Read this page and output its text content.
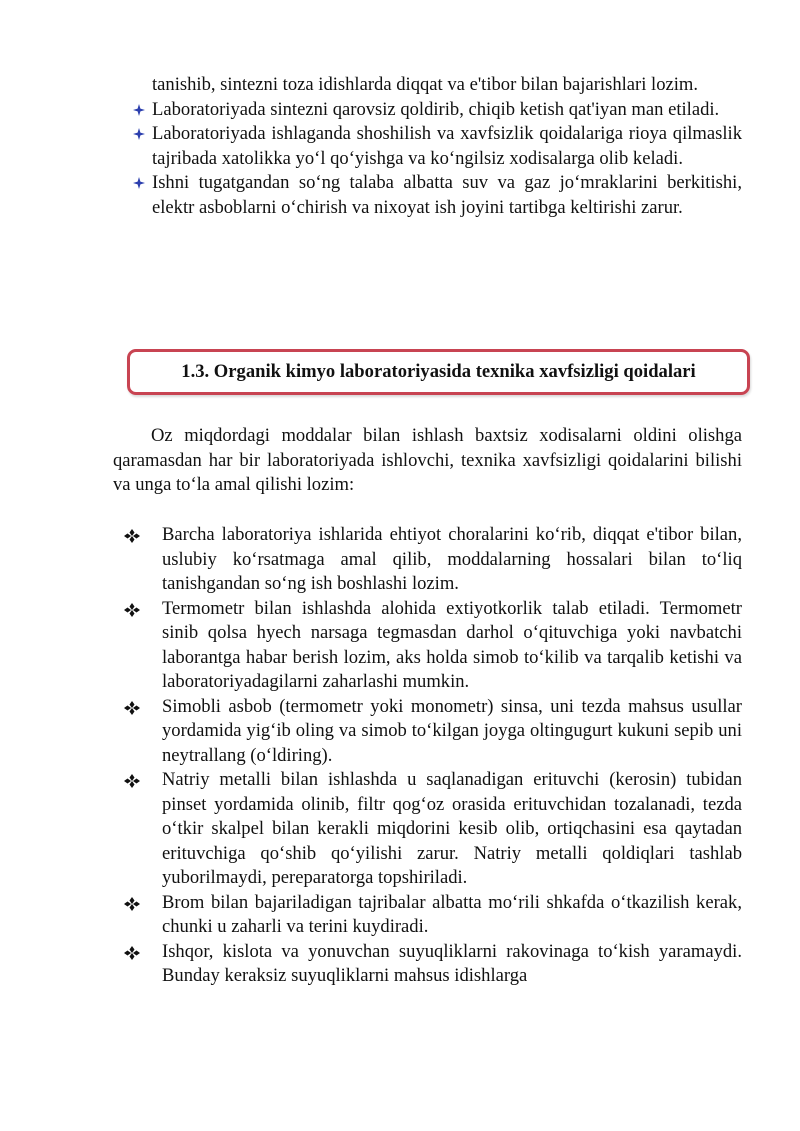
tanishib, sintezni toza idishlarda diqqat va e'tibor bilan bajarishlari lozim.
Laboratoriyada sintezni qarovsiz qoldirib, chiqib ketish qat'iyan man etiladi.
Laboratoriyada ishlaganda shoshilish va xavfsizlik qoidalariga rioya qilmaslik tajribada xatolikka yo‘l qo‘yishga va ko‘ngilsiz xodisalarga olib keladi.
Ishni tugatgandan so‘ng talaba albatta suv va gaz jo‘mraklarini berkitishi, elektr asboblarni o‘chirish va nixoyat ish joyini tartibga keltirishi zarur.
1.3. Organik kimyo laboratoriyasida texnika xavfsizligi qoidalari
Oz miqdordagi moddalar bilan ishlash baxtsiz xodisalarni oldini olishga qaramasdan har bir laboratoriyada ishlovchi, texnika xavfsizligi qoidalarini bilishi va unga to‘la amal qilishi lozim:
Barcha laboratoriya ishlarida ehtiyot choralarini ko‘rib, diqqat e'tibor bilan, uslubiy ko‘rsatmaga amal qilib, moddalarning hossalari bilan to‘liq tanishgandan so‘ng ish boshlashi lozim.
Termometr bilan ishlashda alohida extiyotkorlik talab etiladi. Termometr sinib qolsa hyech narsaga tegmasdan darhol o‘qituvchiga yoki navbatchi laborantga habar berish lozim, aks holda simob to‘kilib va tarqalib ketishi va laboratoriyadagilarni zaharlashi mumkin.
Simobli asbob (termometr yoki monometr) sinsa, uni tezda mahsus usullar yordamida yig‘ib oling va simob to‘kilgan joyga oltingugurt kukuni sepib uni neytrallang (o‘ldiring).
Natriy metalli bilan ishlashda u saqlanadigan erituvchi (kerosin) tubidan pinset yordamida olinib, filtr qog‘oz orasida erituvchidan tozalanadi, tezda o‘tkir skalpel bilan kerakli miqdorini kesib olib, ortiqchasini esa qaytadan erituvchiga qo‘shib qo‘yilishi zarur. Natriy metalli qoldiqlari tashlab yuborilmaydi, pereparatorga topshiriladi.
Brom bilan bajariladigan tajribalar albatta mo‘rili shkafda o‘tkazilish kerak, chunki u zaharli va terini kuydiradi.
Ishqor, kislota va yonuvchan suyuqliklarni rakovinaga to‘kish yaramaydi. Bunday keraksiz suyuqliklarni mahsus idishlarga
